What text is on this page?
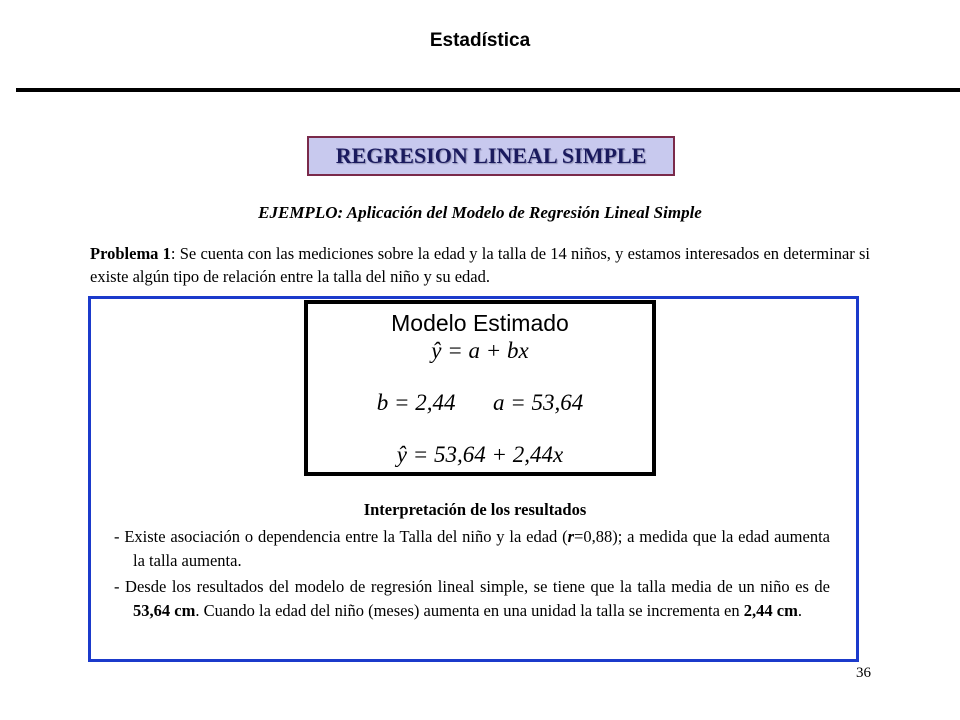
Estadística
REGRESION LINEAL SIMPLE
EJEMPLO: Aplicación del Modelo de Regresión Lineal Simple
Problema 1: Se cuenta con las mediciones sobre la edad y la talla de 14 niños, y estamos interesados en determinar si existe algún tipo de relación entre la talla del niño y su edad.
Modelo Estimado
ŷ = a + bx
b = 2,44 a = 53,64
ŷ = 53,64 + 2,44x
Interpretación de los resultados
- Existe asociación o dependencia entre la Talla del niño y la edad (r=0,88); a medida que la edad aumenta la talla aumenta.
- Desde los resultados del modelo de regresión lineal simple, se tiene que la talla media de un niño es de 53,64 cm. Cuando la edad del niño (meses) aumenta en una unidad la talla se incrementa en 2,44 cm.
36
